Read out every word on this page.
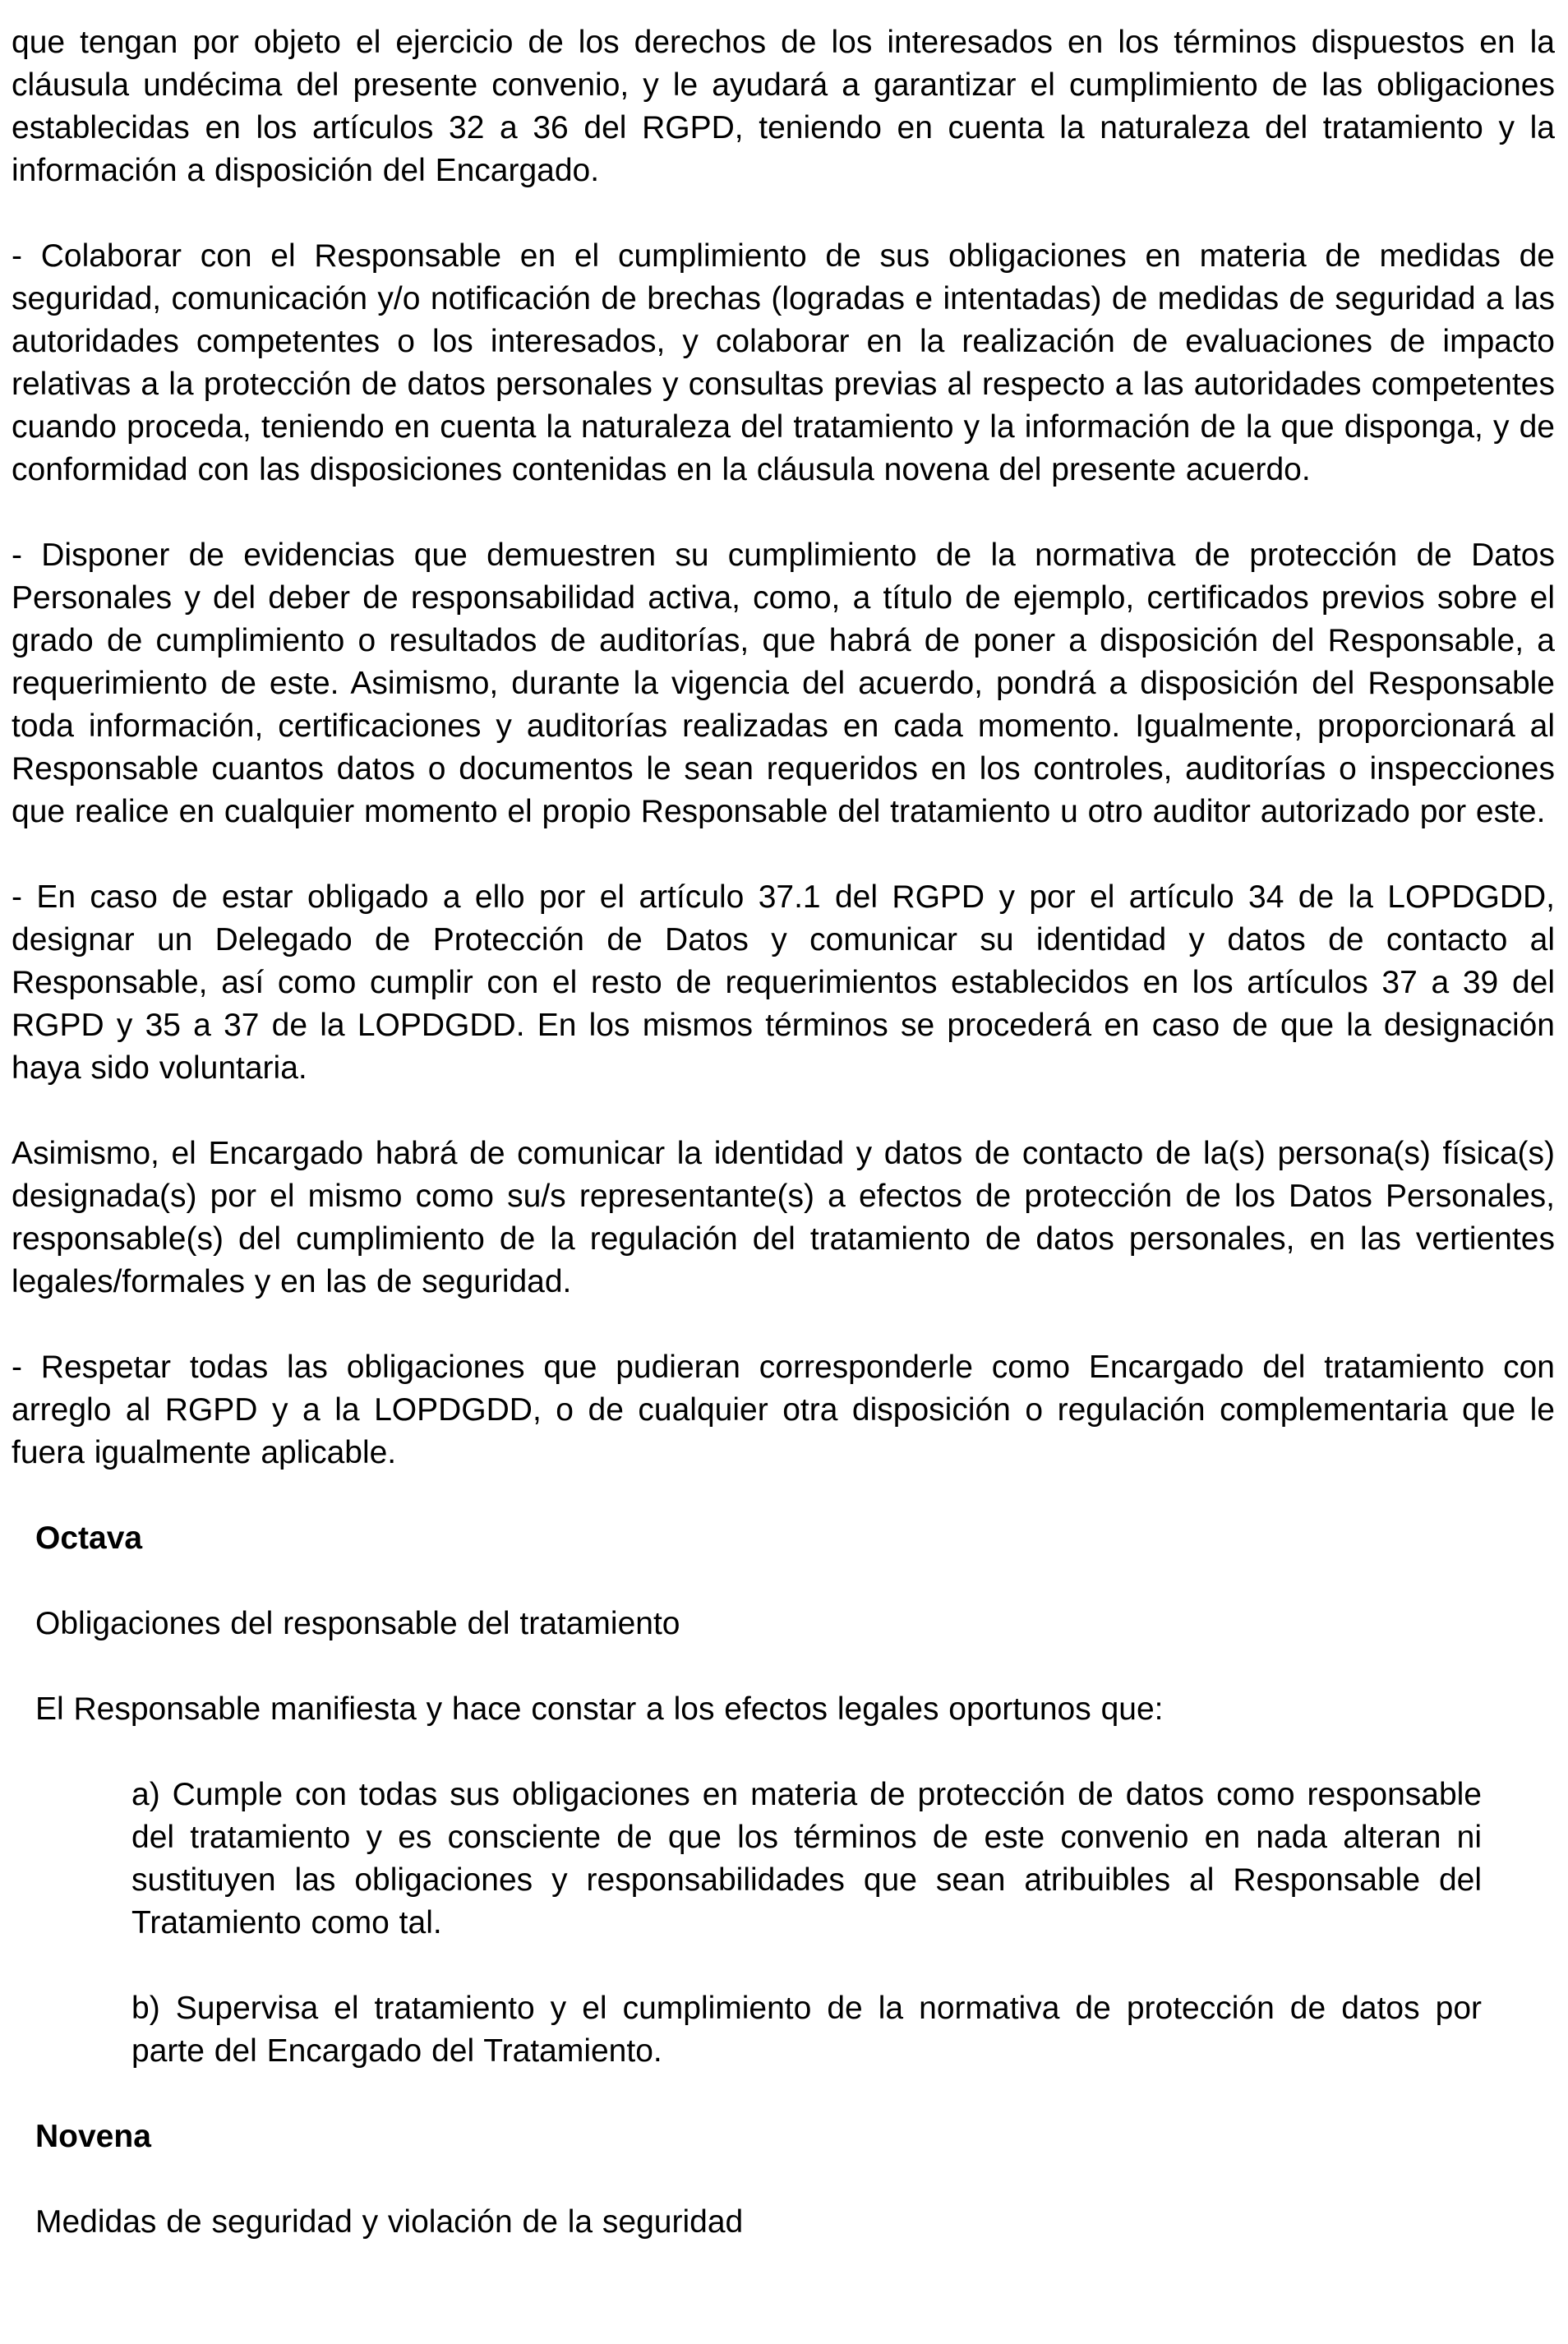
que tengan por objeto el ejercicio de los derechos de los interesados en los términos dispuestos en la cláusula undécima del presente convenio, y le ayudará a garantizar el cumplimiento de las obligaciones establecidas en los artículos 32 a 36 del RGPD, teniendo en cuenta la naturaleza del tratamiento y la información a disposición del Encargado.
- Colaborar con el Responsable en el cumplimiento de sus obligaciones en materia de medidas de seguridad, comunicación y/o notificación de brechas (logradas e intentadas) de medidas de seguridad a las autoridades competentes o los interesados, y colaborar en la realización de evaluaciones de impacto relativas a la protección de datos personales y consultas previas al respecto a las autoridades competentes cuando proceda, teniendo en cuenta la naturaleza del tratamiento y la información de la que disponga, y de conformidad con las disposiciones contenidas en la cláusula novena del presente acuerdo.
- Disponer de evidencias que demuestren su cumplimiento de la normativa de protección de Datos Personales y del deber de responsabilidad activa, como, a título de ejemplo, certificados previos sobre el grado de cumplimiento o resultados de auditorías, que habrá de poner a disposición del Responsable, a requerimiento de este. Asimismo, durante la vigencia del acuerdo, pondrá a disposición del Responsable toda información, certificaciones y auditorías realizadas en cada momento. Igualmente, proporcionará al Responsable cuantos datos o documentos le sean requeridos en los controles, auditorías o inspecciones que realice en cualquier momento el propio Responsable del tratamiento u otro auditor autorizado por este.
- En caso de estar obligado a ello por el artículo 37.1 del RGPD y por el artículo 34 de la LOPDGDD, designar un Delegado de Protección de Datos y comunicar su identidad y datos de contacto al Responsable, así como cumplir con el resto de requerimientos establecidos en los artículos 37 a 39 del RGPD y 35 a 37 de la LOPDGDD. En los mismos términos se procederá en caso de que la designación haya sido voluntaria.
Asimismo, el Encargado habrá de comunicar la identidad y datos de contacto de la(s) persona(s) física(s) designada(s) por el mismo como su/s representante(s) a efectos de protección de los Datos Personales, responsable(s) del cumplimiento de la regulación del tratamiento de datos personales, en las vertientes legales/formales y en las de seguridad.
- Respetar todas las obligaciones que pudieran corresponderle como Encargado del tratamiento con arreglo al RGPD y a la LOPDGDD, o de cualquier otra disposición o regulación complementaria que le fuera igualmente aplicable.
Octava
Obligaciones del responsable del tratamiento
El Responsable manifiesta y hace constar a los efectos legales oportunos que:
a) Cumple con todas sus obligaciones en materia de protección de datos como responsable del tratamiento y es consciente de que los términos de este convenio en nada alteran ni sustituyen las obligaciones y responsabilidades que sean atribuibles al Responsable del Tratamiento como tal.
b) Supervisa el tratamiento y el cumplimiento de la normativa de protección de datos por parte del Encargado del Tratamiento.
Novena
Medidas de seguridad y violación de la seguridad
